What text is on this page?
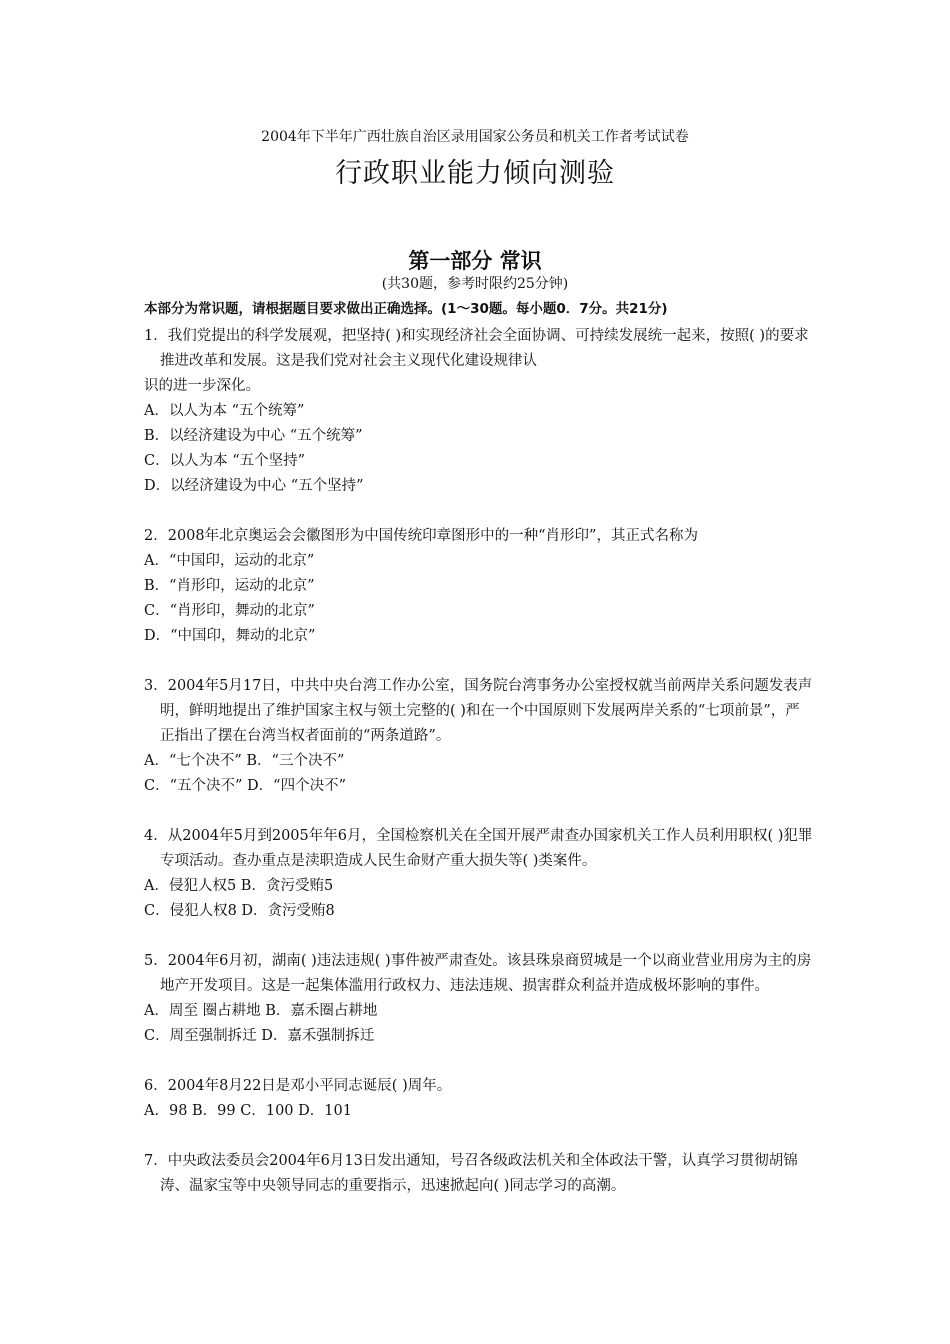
2004年下半年广西壮族自治区录用国家公务员和机关工作者考试试卷
行政职业能力倾向测验
第一部分 常识
(共30题，参考时限约25分钟)
本部分为常识题，请根据题目要求做出正确选择。(1～30题。每小题0．7分。共21分)

1．我们党提出的科学发展观，把坚持( )和实现经济社会全面协调、可持续发展统一起来，按照( )的要求推进改革和发展。这是我们党对社会主义现代化建设规律认

识的进一步深化。

A．以人为本 “五个统筹”

B．以经济建设为中心 “五个统筹”

C．以人为本 “五个坚持”

D．以经济建设为中心 “五个坚持”

2．2008年北京奥运会会徽图形为中国传统印章图形中的一种“肖形印”，其正式名称为

A．“中国印，运动的北京”

B．“肖形印，运动的北京”

C．“肖形印，舞动的北京”

D．“中国印，舞动的北京”

3．2004年5月17日，中共中央台湾工作办公室，国务院台湾事务办公室授权就当前两岸关系问题发表声明，鲜明地提出了维护国家主权与领土完整的( )和在一个中国原则下发展两岸关系的“七项前景”，严正指出了摆在台湾当权者面前的“两条道路”。

A．“七个决不” B．“三个决不”

C．“五个决不” D．“四个决不”

4．从2004年5月到2005年年6月，全国检察机关在全国开展严肃查办国家机关工作人员利用职权( )犯罪专项活动。查办重点是渎职造成人民生命财产重大损失等( )类案件。

A．侵犯人权5 B．贪污受贿5

C．侵犯人权8 D．贪污受贿8

5．2004年6月初，湖南( )违法违规( )事件被严肃查处。该县珠泉商贸城是一个以商业营业用房为主的房地产开发项目。这是一起集体滥用行政权力、违法违规、损害群众利益并造成极坏影响的事件。

A．周至 圈占耕地 B．嘉禾圈占耕地

C．周至强制拆迁 D．嘉禾强制拆迁

6．2004年8月22日是邓小平同志诞辰( )周年。

A．98 B．99 C．100 D．101

7．中央政法委员会2004年6月13日发出通知，号召各级政法机关和全体政法干警，认真学习贯彻胡锦涛、温家宝等中央领导同志的重要指示，迅速掀起向( )同志学习的高潮。
